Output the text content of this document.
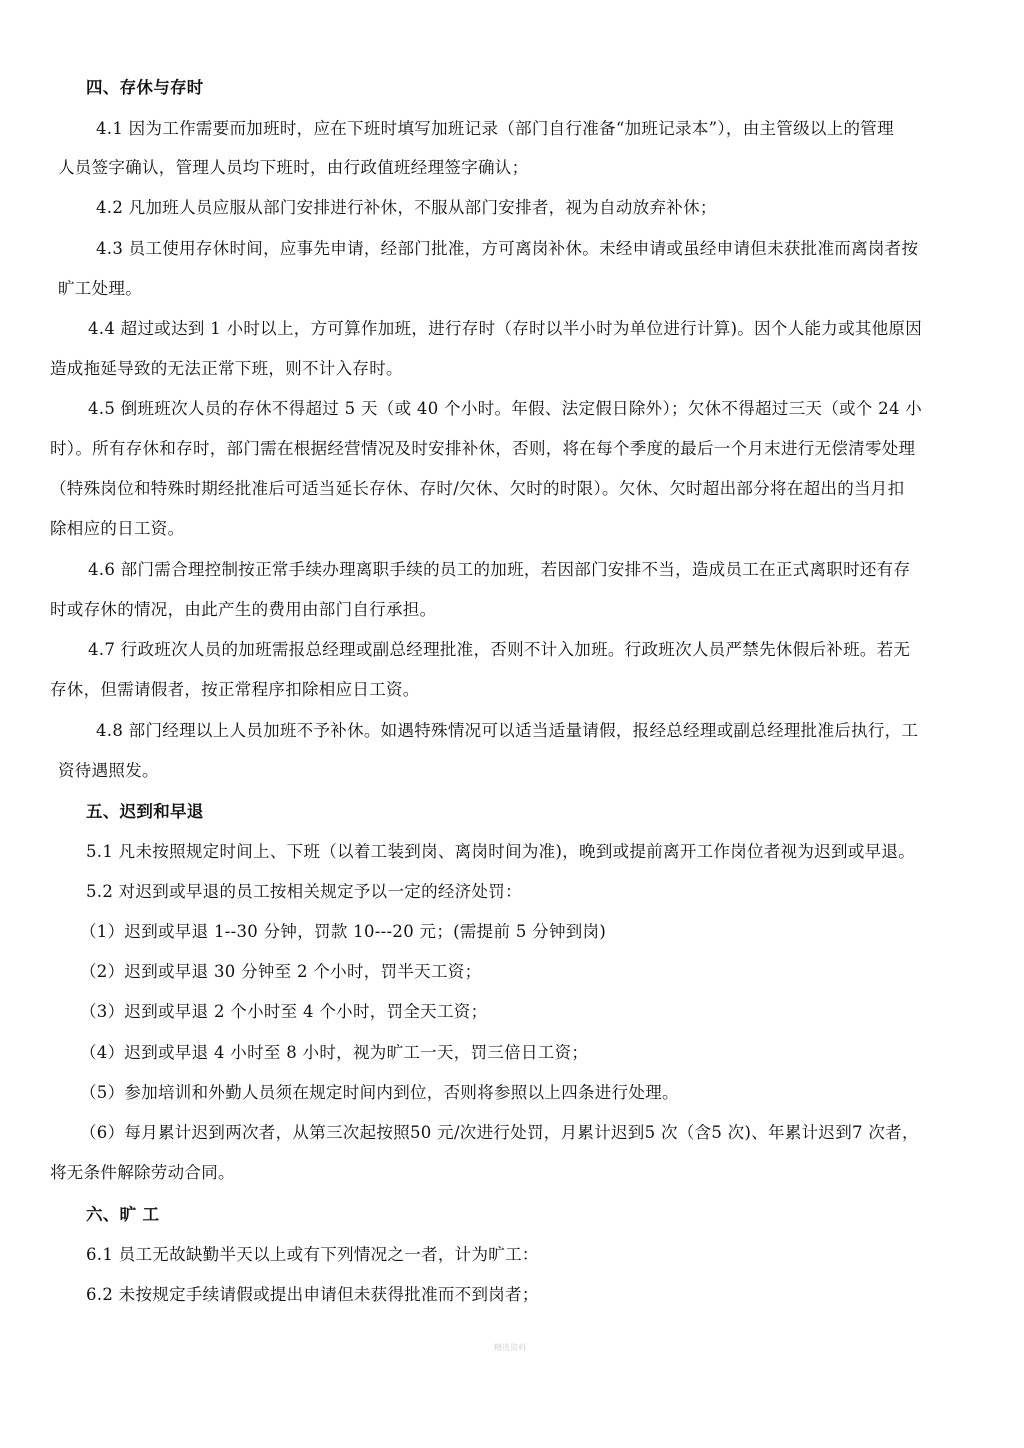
四、存休与存时
4.1 因为工作需要而加班时，应在下班时填写加班记录（部门自行准备“加班记录本”），由主管级以上的管理
人员签字确认，管理人员均下班时，由行政值班经理签字确认；
4.2 凡加班人员应服从部门安排进行补休，不服从部门安排者，视为自动放弃补休；
4.3 员工使用存休时间，应事先申请，经部门批准，方可离岗补休。未经申请或虽经申请但未获批准而离岗者按
旷工处理。
4.4 超过或达到 1 小时以上，方可算作加班，进行存时（存时以半小时为单位进行计算)。因个人能力或其他原因
造成拖延导致的无法正常下班，则不计入存时。
4.5 倒班班次人员的存休不得超过 5 天（或 40 个小时。年假、法定假日除外）；欠休不得超过三天（或个 24 小
时）。所有存休和存时，部门需在根据经营情况及时安排补休，否则，将在每个季度的最后一个月末进行无偿清零处理
（特殊岗位和特殊时期经批准后可适当延长存休、存时/欠休、欠时的时限）。欠休、欠时超出部分将在超出的当月扣
除相应的日工资。
4.6 部门需合理控制按正常手续办理离职手续的员工的加班，若因部门安排不当，造成员工在正式离职时还有存
时或存休的情况，由此产生的费用由部门自行承担。
4.7 行政班次人员的加班需报总经理或副总经理批准，否则不计入加班。行政班次人员严禁先休假后补班。若无
存休，但需请假者，按正常程序扣除相应日工资。
4.8 部门经理以上人员加班不予补休。如遇特殊情况可以适当适量请假，报经总经理或副总经理批准后执行，工
资待遇照发。
五、迟到和早退
5.1 凡未按照规定时间上、下班（以着工装到岗、离岗时间为准)，晚到或提前离开工作岗位者视为迟到或早退。
5.2 对迟到或早退的员工按相关规定予以一定的经济处罚：
（1）迟到或早退 1--30 分钟，罚款 10---20 元；(需提前 5 分钟到岗)
（2）迟到或早退 30 分钟至 2 个小时，罚半天工资；
（3）迟到或早退 2 个小时至 4 个小时，罚全天工资；
（4）迟到或早退 4 小时至 8 小时，视为旷工一天，罚三倍日工资；
（5）参加培训和外勤人员须在规定时间内到位，否则将参照以上四条进行处理。
（6）每月累计迟到两次者，从第三次起按照50 元/次进行处罚，月累计迟到5 次（含5 次)、年累计迟到7 次者，
将无条件解除劳动合同。
六、旷 工
6.1 员工无故缺勤半天以上或有下列情况之一者，计为旷工：
6.2 未按规定手续请假或提出申请但未获得批准而不到岗者；
精选资料
